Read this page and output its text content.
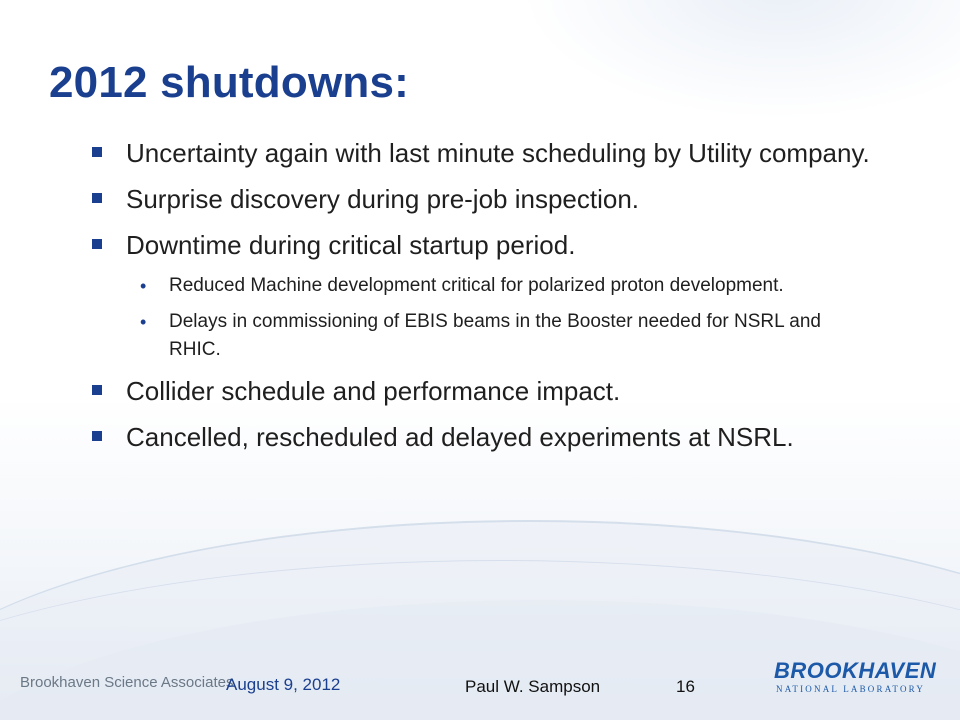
2012 shutdowns:
Uncertainty again with last minute scheduling by Utility company.
Surprise discovery during pre-job inspection.
Downtime during critical startup period.
• Reduced Machine development critical for polarized proton development.
• Delays in commissioning of EBIS beams in the Booster needed for NSRL and RHIC.
Collider schedule and performance impact.
Cancelled, rescheduled ad delayed experiments at NSRL.
Brookhaven Science Associates
August 9, 2012	Paul W. Sampson	16
BROOKHAVEN
NATIONAL LABORATORY
